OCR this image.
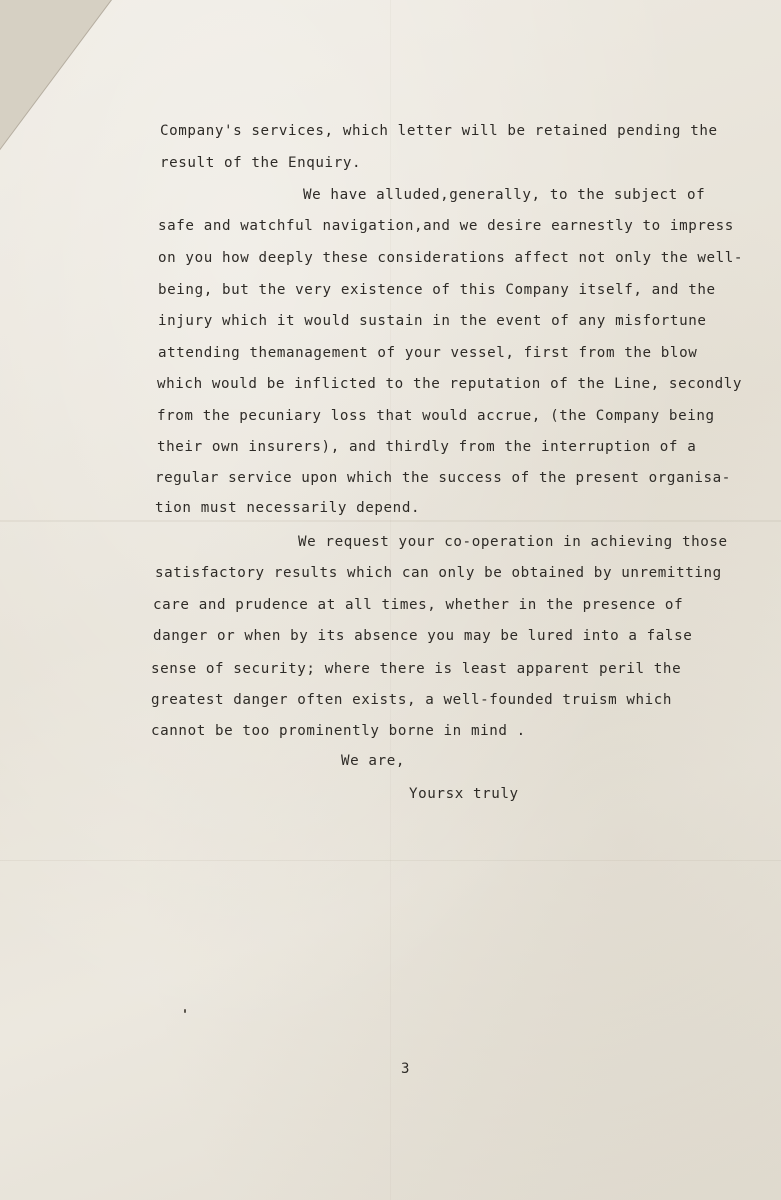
Company's services, which letter will be retained pending the
result of the Enquiry.
We have alluded,generally, to the subject of
safe and watchful navigation,and we desire earnestly to impress
on you how deeply these considerations affect not only the well-
being, but the very existence of this Company itself, and the
injury which it would sustain in the event of any misfortune
attending themanagement of your vessel, first from the blow
which would be inflicted to the reputation of the Line, secondly
from the pecuniary loss that would accrue, (the Company being
their own insurers), and thirdly from the interruption of a
regular service upon which the success of the present organisa-
tion must necessarily depend.
We request your co-operation in achieving those
satisfactory results which can only be obtained by unremitting
care and prudence at all times, whether in the presence of
danger or when by its absence you may be lured into a false
sense of security; where there is least apparent peril the
greatest danger often exists, a well-founded truism which
cannot be too prominently borne in mind .
We are,
Yoursx truly
3
